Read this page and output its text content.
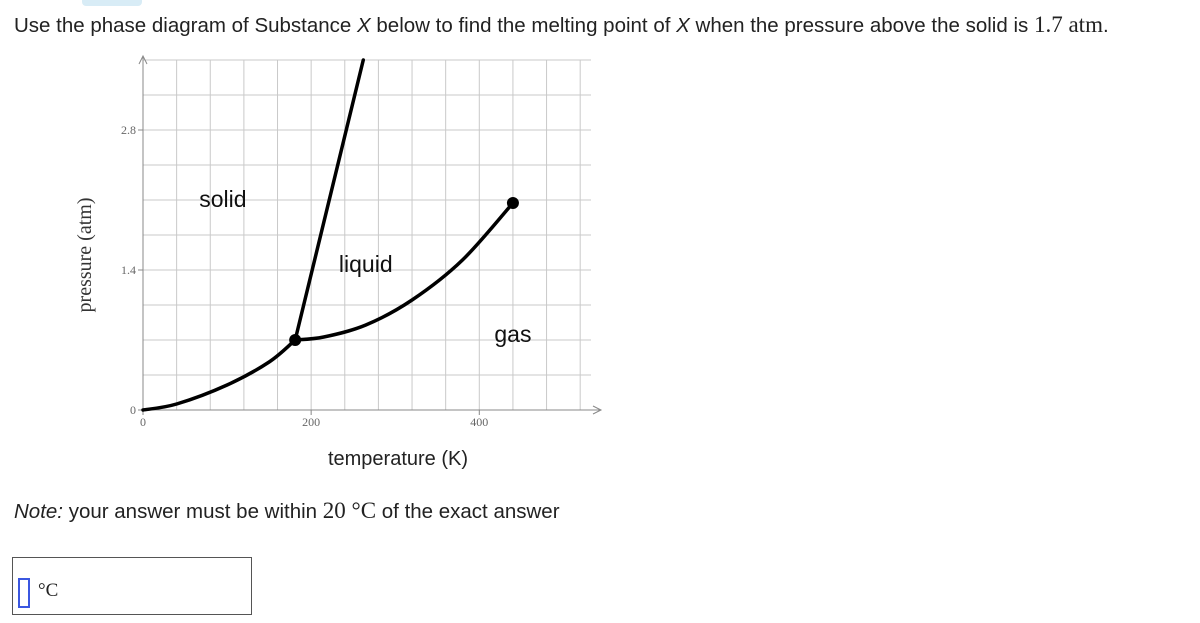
Use the phase diagram of Substance X below to find the melting point of X when the pressure above the solid is 1.7 atm.
0
1.4
2.8
0	200	400
temperature (K)
pressure (atm)	solid
liquid
gas
Note: your answer must be within 20 °C of the exact answer
°C
